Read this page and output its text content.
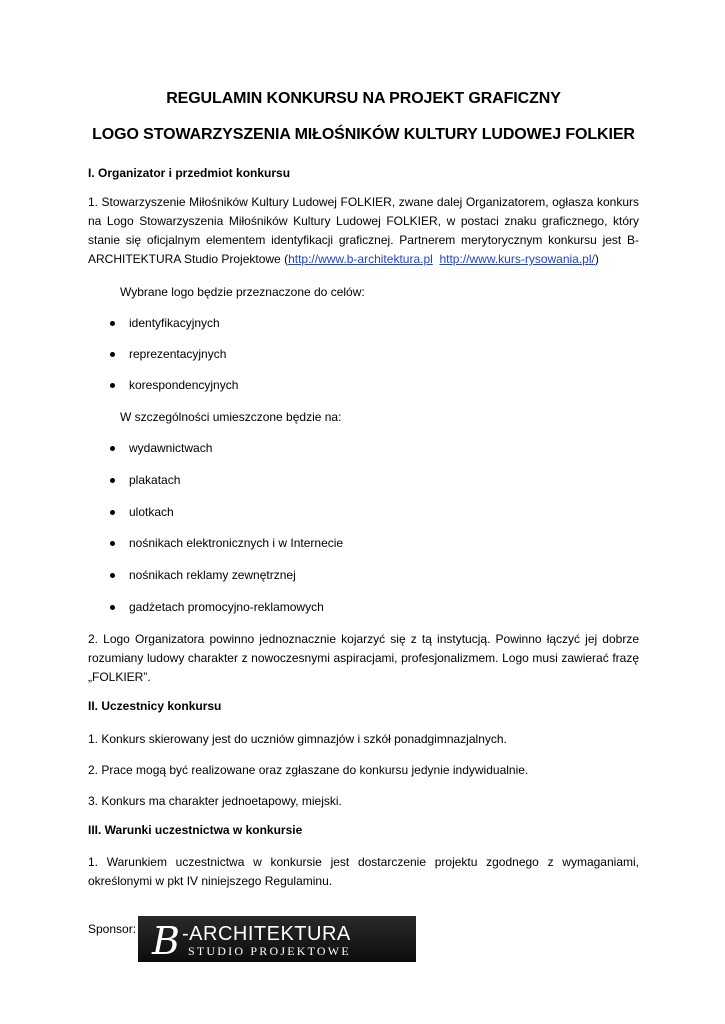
REGULAMIN KONKURSU NA PROJEKT GRAFICZNY
LOGO STOWARZYSZENIA MIŁOŚNIKÓW KULTURY LUDOWEJ FOLKIER

I. Organizator i przedmiot konkursu

1. Stowarzyszenie Miłośników Kultury Ludowej FOLKIER, zwane dalej Organizatorem, ogłasza konkurs na Logo Stowarzyszenia Miłośników Kultury Ludowej FOLKIER, w postaci znaku graficznego, który stanie się oficjalnym elementem identyfikacji graficznej. Partnerem merytorycznym konkursu jest B-ARCHITEKTURA Studio Projektowe (http://www.b-architektura.pl http://www.kurs-rysowania.pl/)

Wybrane logo będzie przeznaczone do celów:

identyfikacyjnych
reprezentacyjnych
korespondencyjnych

W szczególności umieszczone będzie na:

wydawnictwach
plakatach
ulotkach
nośnikach elektronicznych i w Internecie
nośnikach reklamy zewnętrznej
gadżetach promocyjno-reklamowych

2. Logo Organizatora powinno jednoznacznie kojarzyć się z tą instytucją. Powinno łączyć jej dobrze rozumiany ludowy charakter z nowoczesnymi aspiracjami, profesjonalizmem. Logo musi zawierać frazę „FOLKIER”.

II. Uczestnicy konkursu

1. Konkurs skierowany jest do uczniów gimnazjów i szkół ponadgimnazjalnych.

2. Prace mogą być realizowane oraz zgłaszane do konkursu jedynie indywidualnie.

3. Konkurs ma charakter jednoetapowy, miejski.

III. Warunki uczestnictwa w konkursie

1. Warunkiem uczestnictwa w konkursie jest dostarczenie projektu zgodnego z wymaganiami, określonymi w pkt IV niniejszego Regulaminu.

Sponsor: B -ARCHITEKTURA
STUDIO PROJEKTOWE
